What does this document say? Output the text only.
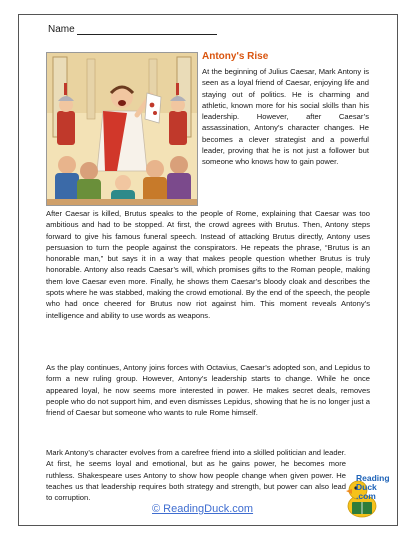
Name
Antony's Rise

At the beginning of Julius Caesar, Mark Antony is seen as a loyal friend of Caesar, enjoying life and staying out of politics. He is charming and athletic, known more for his social skills than his leadership. However, after Caesar’s assassination, Antony’s character changes. He becomes a clever strategist and a powerful leader, proving that he is not just a follower but someone who knows how to gain power.

After Caesar is killed, Brutus speaks to the people of Rome, explaining that Caesar was too ambitious and had to be stopped. At first, the crowd agrees with Brutus. Then, Antony steps forward to give his famous funeral speech. Instead of attacking Brutus directly, Antony uses persuasion to turn the people against the conspirators. He repeats the phrase, “Brutus is an honorable man,” but says it in a way that makes people question whether Brutus is truly honorable. Antony also reads Caesar’s will, which promises gifts to the Roman people, making them love Caesar even more. Finally, he shows them Caesar’s bloody cloak and describes the spots where he was stabbed, making the crowd emotional. By the end of the speech, the people who had once cheered for Brutus now riot against him. This moment reveals Antony’s intelligence and ability to use words as weapons.

As the play continues, Antony joins forces with Octavius, Caesar’s adopted son, and Lepidus to form a new ruling group. However, Antony’s leadership starts to change. While he once appeared loyal, he now seems more interested in power. He makes secret deals, removes people who do not support him, and even dismisses Lepidus, showing that he is no longer just a friend of Caesar but someone who wants to rule Rome himself.

Mark Antony’s character evolves from a carefree friend into a skilled politician and leader. At first, he seems loyal and emotional, but as he gains power, he becomes more ruthless. Shakespeare uses Antony to show how people change when given power. He teaches us that leadership requires both strategy and strength, but power can also lead to corruption.

© ReadingDuck.com
Reading
Duck
.com
